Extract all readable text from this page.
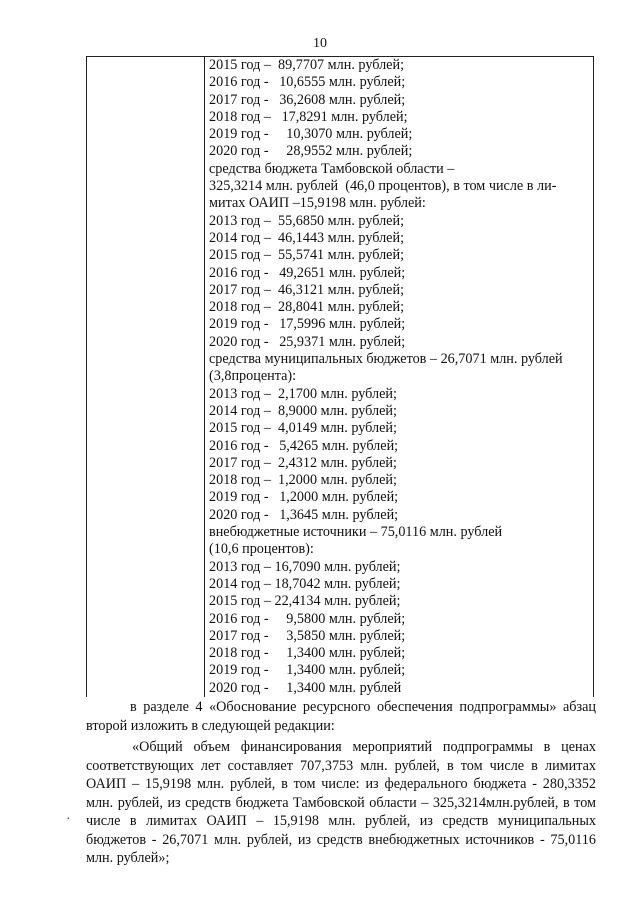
10
2015 год –  89,7707 млн. рублей;
2016 год -   10,6555 млн. рублей;
2017 год -   36,2608 млн. рублей;
2018 год –   17,8291 млн. рублей;
2019 год -     10,3070 млн. рублей;
2020 год -     28,9552 млн. рублей;
средства бюджета Тамбовской области –
325,3214 млн. рублей  (46,0 процентов), в том числе в ли-
митах ОАИП –15,9198 млн. рублей:
2013 год –  55,6850 млн. рублей;
2014 год –  46,1443 млн. рублей;
2015 год –  55,5741 млн. рублей;
2016 год -   49,2651 млн. рублей;
2017 год –  46,3121 млн. рублей;
2018 год –  28,8041 млн. рублей;
2019 год -   17,5996 млн. рублей;
2020 год -   25,9371 млн. рублей;
средства муниципальных бюджетов – 26,7071 млн. рублей
(3,8процента):
2013 год –  2,1700 млн. рублей;
2014 год –  8,9000 млн. рублей;
2015 год –  4,0149 млн. рублей;
2016 год -   5,4265 млн. рублей;
2017 год –  2,4312 млн. рублей;
2018 год –  1,2000 млн. рублей;
2019 год -   1,2000 млн. рублей;
2020 год -   1,3645 млн. рублей;
внебюджетные источники – 75,0116 млн. рублей
(10,6 процентов):
2013 год – 16,7090 млн. рублей;
2014 год – 18,7042 млн. рублей;
2015 год – 22,4134 млн. рублей;
2016 год -     9,5800 млн. рублей;
2017 год -     3,5850 млн. рублей;
2018 год -     1,3400 млн. рублей;
2019 год -     1,3400 млн. рублей;
2020 год -     1,3400 млн. рублей
в разделе 4 «Обоснование ресурсного обеспечения подпрограммы» абзац второй изложить в следующей редакции:
«Общий объем финансирования мероприятий подпрограммы в ценах соответствующих лет составляет 707,3753 млн. рублей, в том числе в лимитах ОАИП – 15,9198 млн. рублей, в том числе: из федерального бюджета - 280,3352 млн. рублей, из средств бюджета Тамбовской области – 325,3214млн.рублей, в том числе в лимитах ОАИП – 15,9198 млн. рублей, из средств муниципальных бюджетов - 26,7071 млн. рублей, из средств внебюджетных источников - 75,0116 млн. рублей»;
·
